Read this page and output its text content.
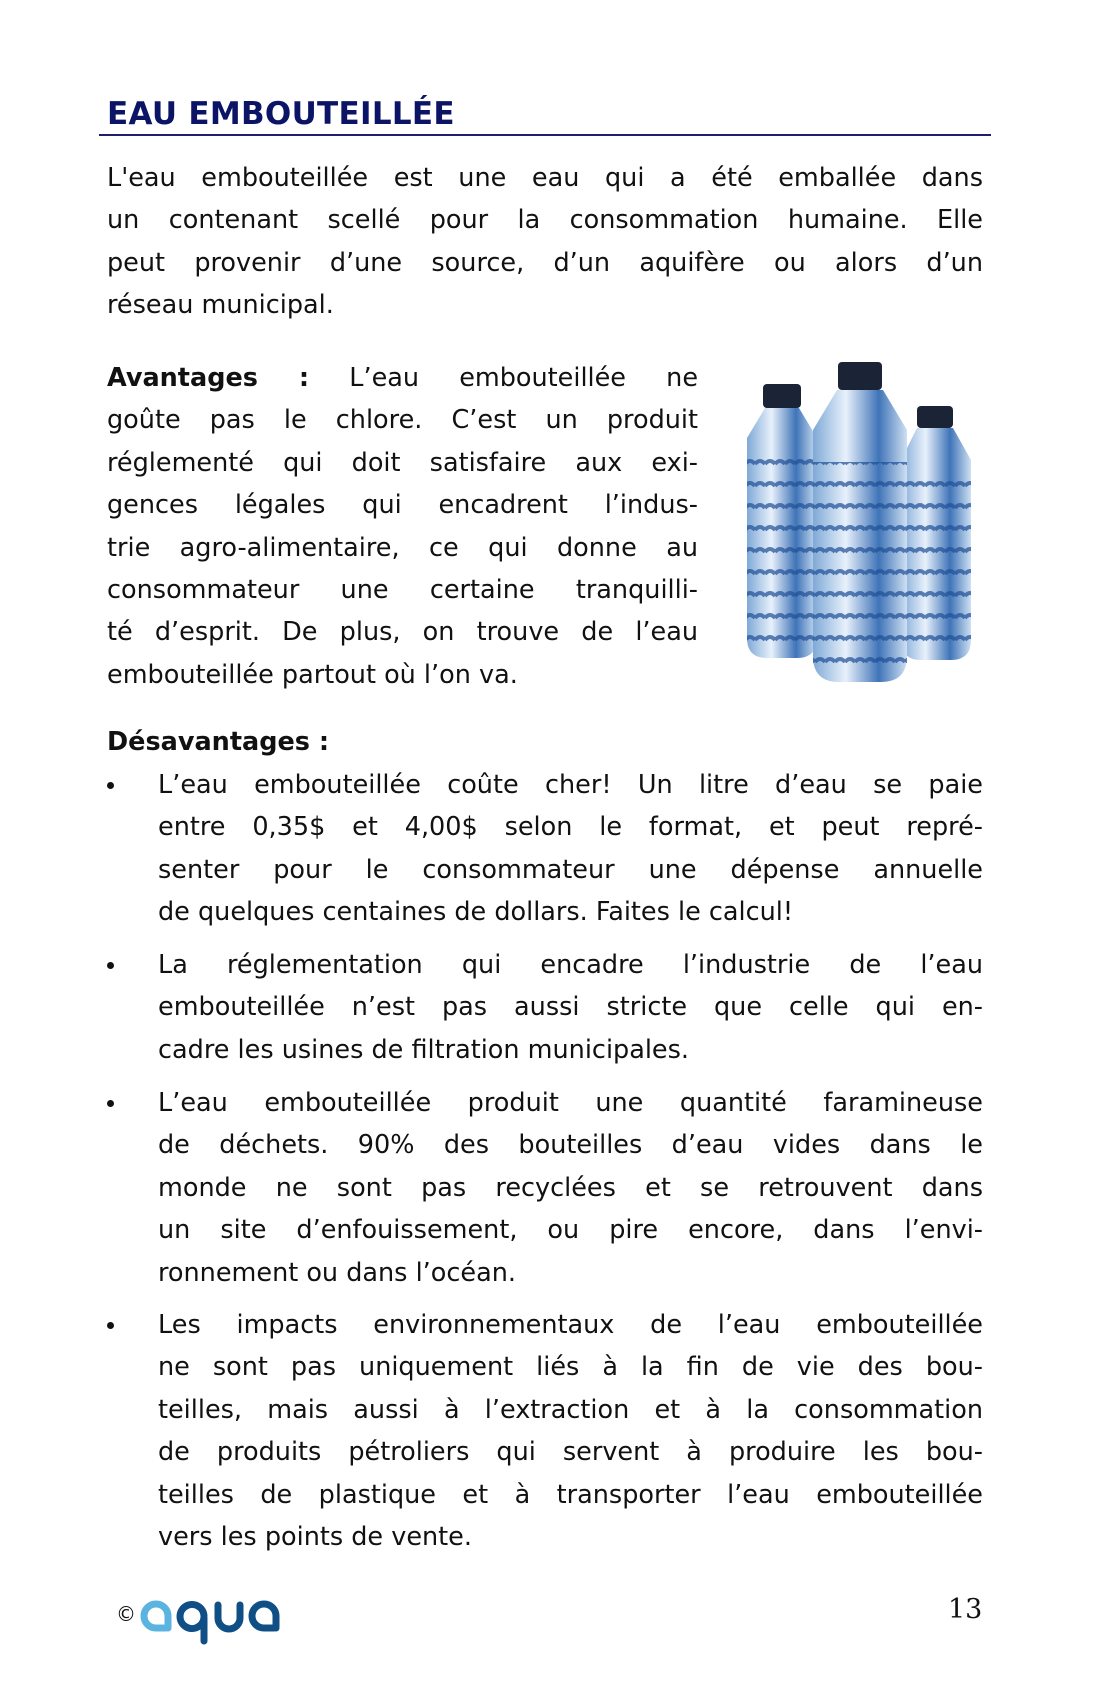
EAU EMBOUTEILLÉE
L'eau embouteillée est une eau qui a été emballée dans
un contenant scellé pour la consommation humaine. Elle
peut provenir d’une source, d’un aquifère ou alors d’un
réseau municipal.
Avantages : L’eau embouteillée ne
goûte pas le chlore. C’est un produit
réglementé qui doit satisfaire aux exi-
gences légales qui encadrent l’indus-
trie agro-alimentaire, ce qui donne au
consommateur une certaine tranquilli-
té d’esprit. De plus, on trouve de l’eau
embouteillée partout où l’on va.
Désavantages :
L’eau embouteillée coûte cher! Un litre d’eau se paie
entre 0,35$ et 4,00$ selon le format, et peut repré-
senter pour le consommateur une dépense annuelle
de quelques centaines de dollars. Faites le calcul!
La réglementation qui encadre l’industrie de l’eau
embouteillée n’est pas aussi stricte que celle qui en-
cadre les usines de filtration municipales.
L’eau embouteillée produit une quantité faramineuse
de déchets. 90% des bouteilles d’eau vides dans le
monde ne sont pas recyclées et se retrouvent dans
un site d’enfouissement, ou pire encore, dans l’envi-
ronnement ou dans l’océan.
Les impacts environnementaux de l’eau embouteillée
ne sont pas uniquement liés à la fin de vie des bou-
teilles, mais aussi à l’extraction et à la consommation
de produits pétroliers qui servent à produire les bou-
teilles de plastique et à transporter l’eau embouteillée
vers les points de vente.
©	13
